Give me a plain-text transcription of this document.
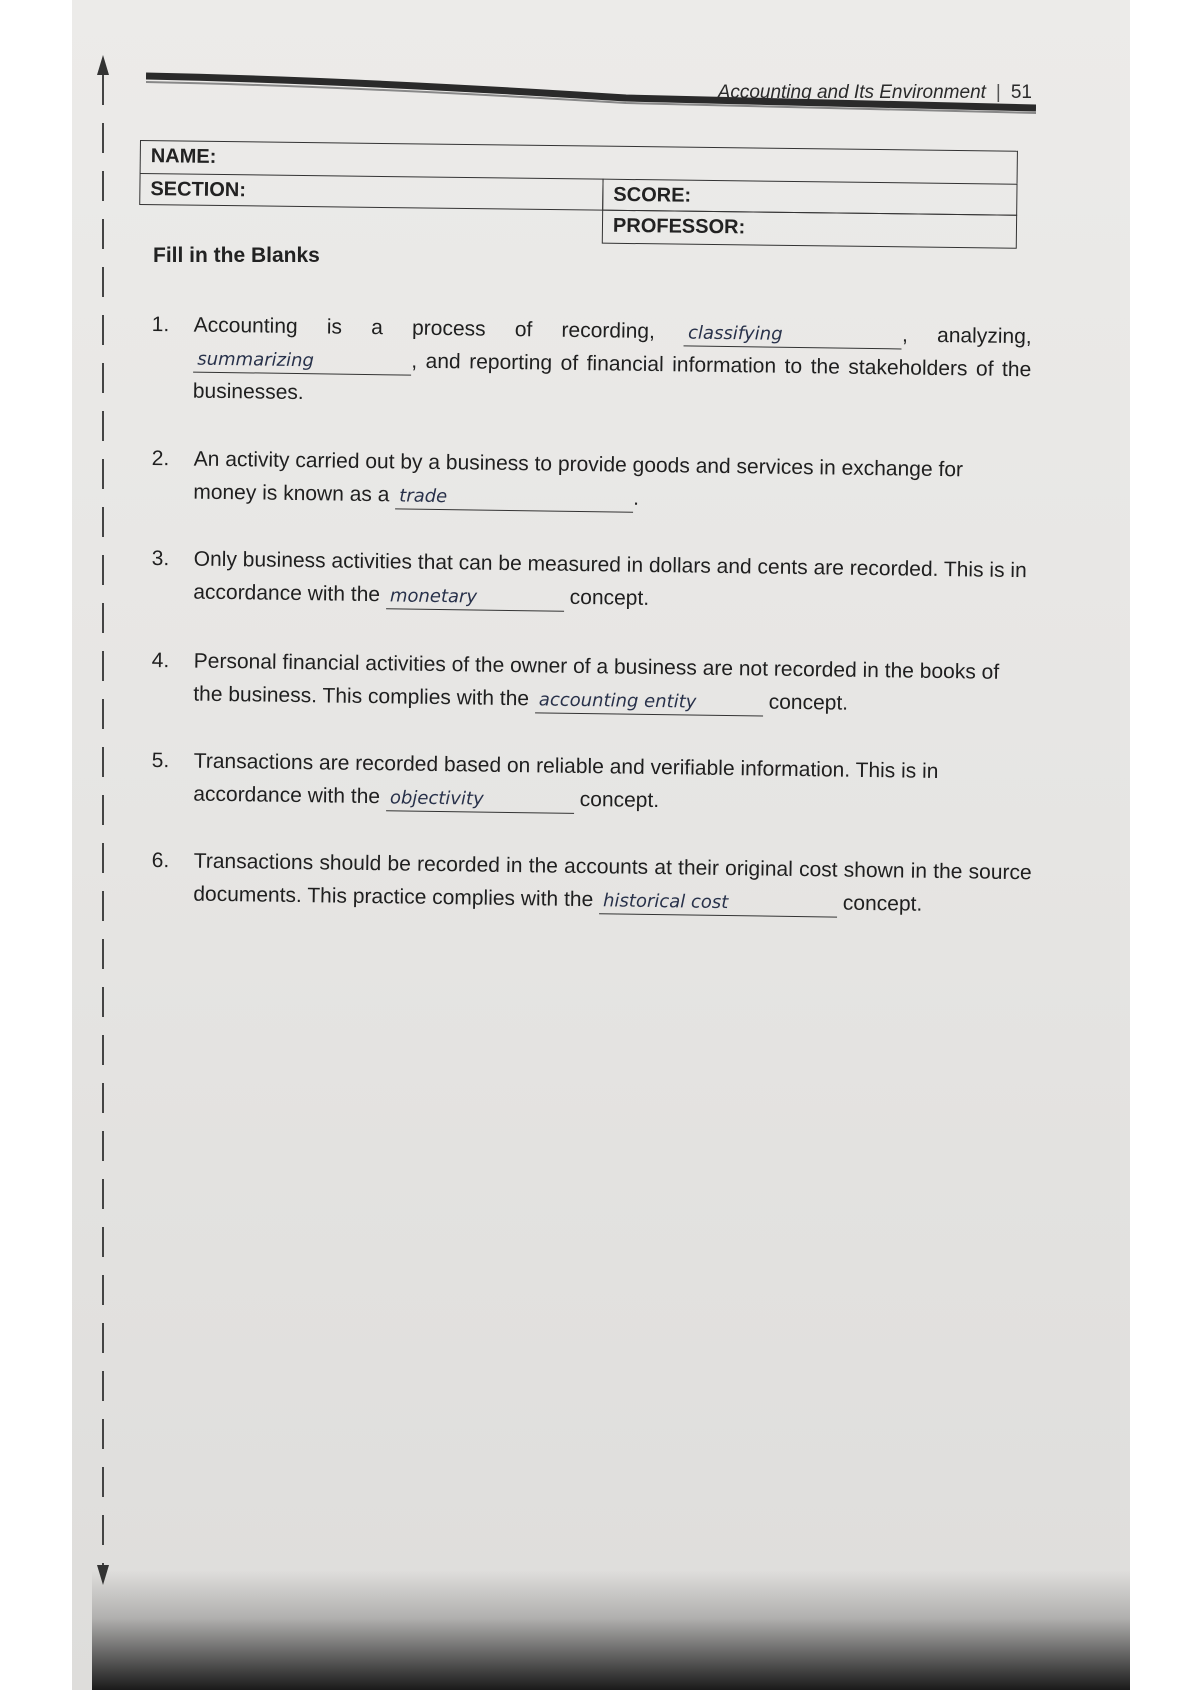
Accounting and Its Environment | 51
NAME:
SECTION:	SCORE:
PROFESSOR:
Fill in the Blanks
1. Accounting is a process of recording, classifying	, analyzing, summarizing	, and reporting of financial information to the stakeholders of the businesses.
2. An activity carried out by a business to provide goods and services in exchange for money is known as a trade	.
3. Only business activities that can be measured in dollars and cents are recorded. This is in accordance with the monetary	concept.
4. Personal financial activities of the owner of a business are not recorded in the books of the business. This complies with the accounting entity	concept.
5. Transactions are recorded based on reliable and verifiable information. This is in accordance with the objectivity	concept.
6. Transactions should be recorded in the accounts at their original cost shown in the source documents. This practice complies with the historical cost	concept.
